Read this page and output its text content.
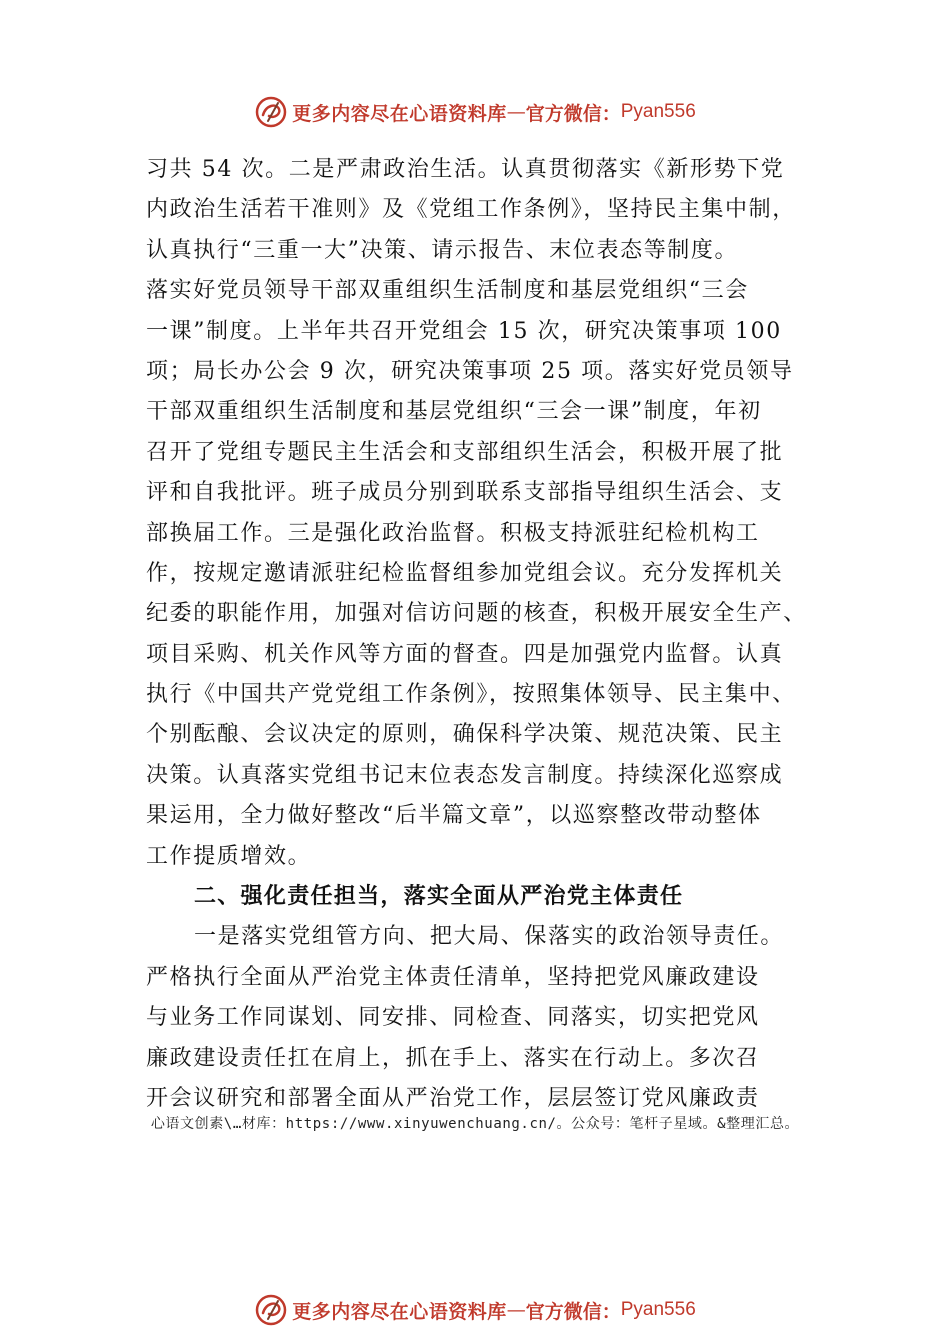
更多内容尽在心语资料库 — 官方微信： Pyan556
习共 54 次。二是严肃政治生活。认真贯彻落实《新形势下党
内政治生活若干准则》及《党组工作条例》，坚持民主集中制，
认真执行“三重一大”决策、请示报告、末位表态等制度。
落实好党员领导干部双重组织生活制度和基层党组织“三会
一课”制度。上半年共召开党组会 15 次，研究决策事项 100
项；局长办公会 9 次，研究决策事项 25 项。落实好党员领导
干部双重组织生活制度和基层党组织“三会一课”制度，年初
召开了党组专题民主生活会和支部组织生活会，积极开展了批
评和自我批评。班子成员分别到联系支部指导组织生活会、支
部换届工作。三是强化政治监督。积极支持派驻纪检机构工
作，按规定邀请派驻纪检监督组参加党组会议。充分发挥机关
纪委的职能作用，加强对信访问题的核查，积极开展安全生产、
项目采购、机关作风等方面的督查。四是加强党内监督。认真
执行《中国共产党党组工作条例》，按照集体领导、民主集中、
个别酝酿、会议决定的原则，确保科学决策、规范决策、民主
决策。认真落实党组书记末位表态发言制度。持续深化巡察成
果运用，全力做好整改“后半篇文章”，以巡察整改带动整体
工作提质增效。
二、强化责任担当，落实全面从严治党主体责任
一是落实党组管方向、把大局、保落实的政治领导责任。
严格执行全面从严治党主体责任清单，坚持把党风廉政建设
与业务工作同谋划、同安排、同检查、同落实，切实把党风
廉政建设责任扛在肩上，抓在手上、落实在行动上。多次召
开会议研究和部署全面从严治党工作，层层签订党风廉政责
心语文创素\…材库：https://www.xinyuwenchuang.cn/。公众号：笔杆子星域。&整理汇总。
更多内容尽在心语资料库 — 官方微信： Pyan556
